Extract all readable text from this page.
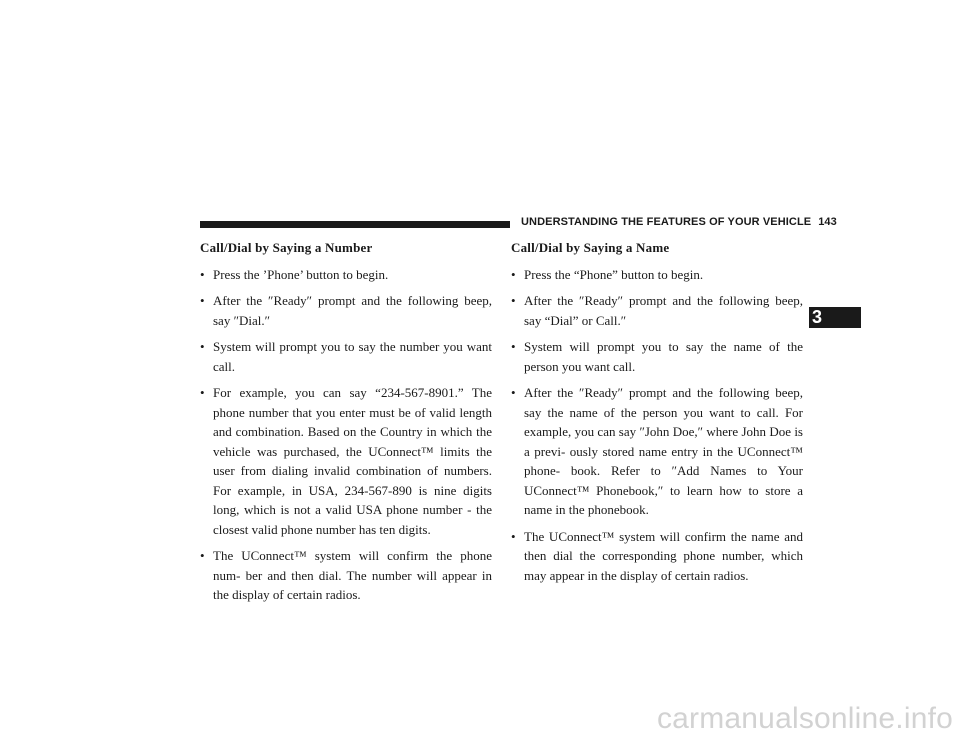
UNDERSTANDING THE FEATURES OF YOUR VEHICLE 143
3
Call/Dial by Saying a Number
• Press the ’Phone’ button to begin.
• After the ″Ready″ prompt and the following beep, say ″Dial.″
• System will prompt you to say the number you want call.
• For example, you can say “234-567-8901.” The phone number that you enter must be of valid length and combination. Based on the Country in which the vehicle was purchased, the UConnect™ limits the user from dialing invalid combination of numbers. For example, in USA, 234-567-890 is nine digits long, which is not a valid USA phone number - the closest valid phone number has ten digits.
• The UConnect™ system will confirm the phone num- ber and then dial. The number will appear in the display of certain radios.
Call/Dial by Saying a Name
• Press the “Phone” button to begin.
• After the ″Ready″ prompt and the following beep, say “Dial” or Call.″
• System will prompt you to say the name of the person you want call.
• After the ″Ready″ prompt and the following beep, say the name of the person you want to call. For example, you can say ″John Doe,″ where John Doe is a previ- ously stored name entry in the UConnect™ phone- book. Refer to ″Add Names to Your UConnect™ Phonebook,″ to learn how to store a name in the phonebook.
• The UConnect™ system will confirm the name and then dial the corresponding phone number, which may appear in the display of certain radios.
carmanualsonline.info
